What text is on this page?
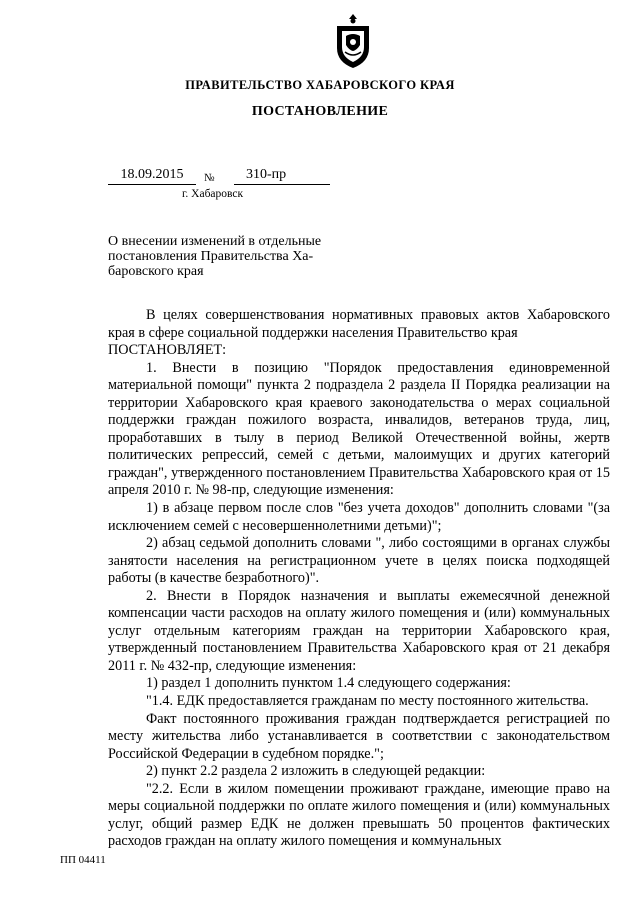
ПРАВИТЕЛЬСТВО ХАБАРОВСКОГО КРАЯ
ПОСТАНОВЛЕНИЕ
18.09.2015	№	310-пр
г. Хабаровск
О внесении изменений в отдельные
постановления Правительства Ха-
баровского края

В целях совершенствования нормативных правовых актов Хабаровского края в сфере социальной поддержки населения Правительство края

ПОСТАНОВЛЯЕТ:

1. Внести в позицию "Порядок предоставления единовременной материальной помощи" пункта 2 подраздела 2 раздела II Порядка реализации на территории Хабаровского края краевого законодательства о мерах социальной поддержки граждан пожилого возраста, инвалидов, ветеранов труда, лиц, проработавших в тылу в период Великой Отечественной войны, жертв политических репрессий, семей с детьми, малоимущих и других категорий граждан", утвержденного постановлением Правительства Хабаровского края от 15 апреля 2010 г. № 98-пр, следующие изменения:

1) в абзаце первом после слов "без учета доходов" дополнить словами "(за исключением семей с несовершеннолетними детьми)";

2) абзац седьмой дополнить словами ", либо состоящими в органах службы занятости населения на регистрационном учете в целях поиска подходящей работы (в качестве безработного)".

2. Внести в Порядок назначения и выплаты ежемесячной денежной компенсации части расходов на оплату жилого помещения и (или) коммунальных услуг отдельным категориям граждан на территории Хабаровского края, утвержденный постановлением Правительства Хабаровского края от 21 декабря 2011 г. № 432-пр, следующие изменения:

1) раздел 1 дополнить пунктом 1.4 следующего содержания:

"1.4. ЕДК предоставляется гражданам по месту постоянного жительства.

Факт постоянного проживания граждан подтверждается регистрацией по месту жительства либо устанавливается в соответствии с законодательством Российской Федерации в судебном порядке.";

2) пункт 2.2 раздела 2 изложить в следующей редакции:

"2.2. Если в жилом помещении проживают граждане, имеющие право на меры социальной поддержки по оплате жилого помещения и (или) коммунальных услуг, общий размер ЕДК не должен превышать 50 процентов фактических расходов граждан на оплату жилого помещения и коммунальных

ПП 04411
